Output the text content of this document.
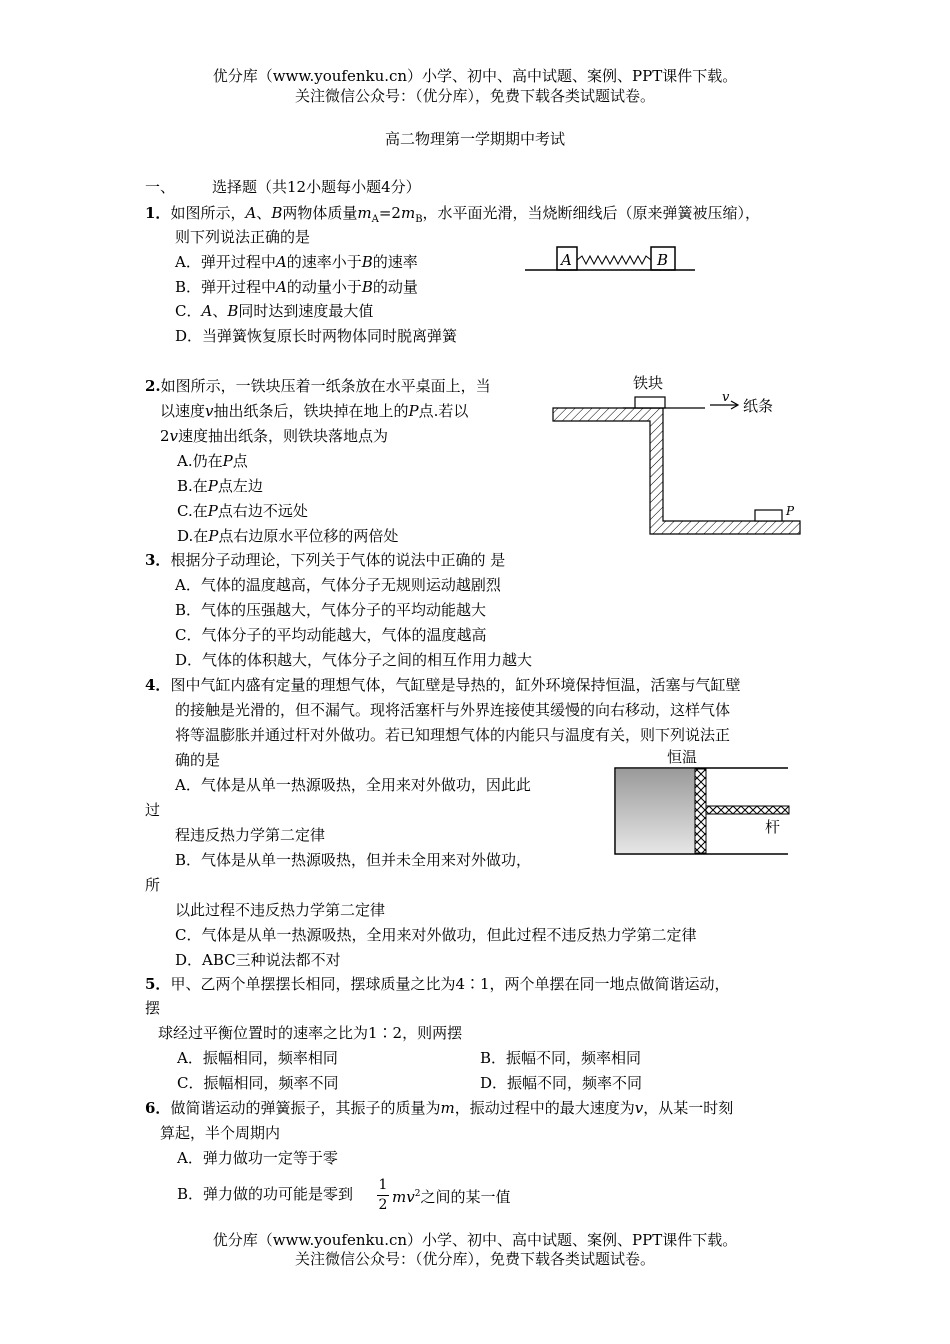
优分库（www.youfenku.cn）小学、初中、高中试题、案例、PPT课件下载。
关注微信公众号：（优分库），免费下载各类试题试卷。
高二物理第一学期期中考试
一、 选择题（共12小题每小题4分）
1．如图所示，A、B两物体质量$m_A=2m_B$，水平面光滑，当烧断细线后（原来弹簧被压缩），
则下列说法正确的是
A．弹开过程中A的速率小于B的速率
B．弹开过程中A的动量小于B的动量
C．A、B同时达到速度最大值
D．当弹簧恢复原长时两物体同时脱离弹簧
A	B
2.如图所示，一铁块压着一纸条放在水平桌面上，当
以速度v抽出纸条后，铁块掉在地上的P点.若以
2v速度抽出纸条，则铁块落地点为
A.仍在P点
B.在P点左边
C.在P点右边不远处
D.在P点右边原水平位移的两倍处
铁块
v 纸条
P
3．根据分子动理论，下列关于气体的说法中正确的 是
A．气体的温度越高，气体分子无规则运动越剧烈
B．气体的压强越大，气体分子的平均动能越大
C．气体分子的平均动能越大，气体的温度越高
D．气体的体积越大，气体分子之间的相互作用力越大
4．图中气缸内盛有定量的理想气体，气缸壁是导热的，缸外环境保持恒温，活塞与气缸壁
的接触是光滑的，但不漏气。现将活塞杆与外界连接使其缓慢的向右移动，这样气体
将等温膨胀并通过杆对外做功。若已知理想气体的内能只与温度有关，则下列说法正
确的是
A．气体是从单一热源吸热，全用来对外做功，因此此
过
程违反热力学第二定律
B．气体是从单一热源吸热，但并未全用来对外做功，
所
以此过程不违反热力学第二定律
C．气体是从单一热源吸热，全用来对外做功，但此过程不违反热力学第二定律
D．ABC三种说法都不对
恒温
杆
5．甲、乙两个单摆摆长相同，摆球质量之比为4∶1，两个单摆在同一地点做简谐运动，
摆
球经过平衡位置时的速率之比为1∶2，则两摆
A．振幅相同，频率相同	B．振幅不同，频率相同
C．振幅相同，频率不同	D．振幅不同，频率不同
6．做简谐运动的弹簧振子，其振子的质量为m，振动过程中的最大速度为v，从某一时刻
算起，半个周期内
A．弹力做功一定等于零
B．弹力做的功可能是零到 $\frac{1}{2} mv^2$之间的某一值
优分库（www.youfenku.cn）小学、初中、高中试题、案例、PPT课件下载。
关注微信公众号：（优分库），免费下载各类试题试卷。
